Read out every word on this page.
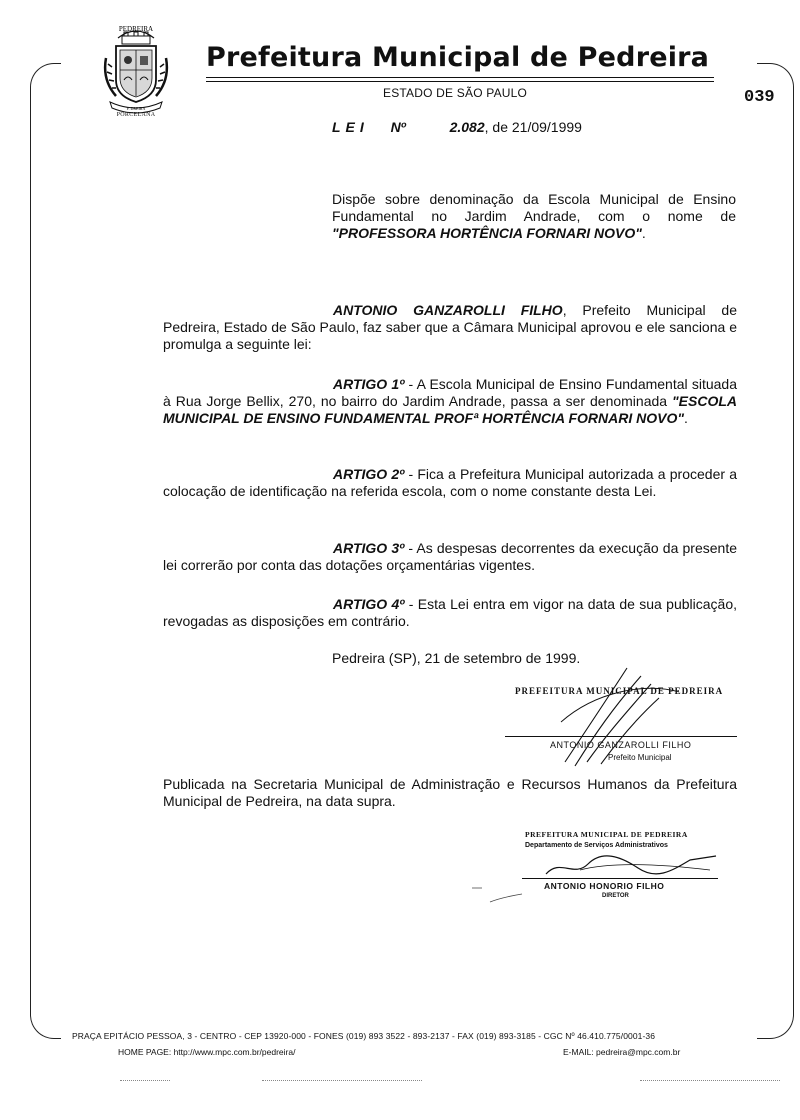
PEDREIRA
P. DREIRA
PORCELANA
Prefeitura Municipal de Pedreira
ESTADO DE SÃO PAULO	039
LEI Nº	2.082, de 21/09/1999
Dispõe sobre denominação da Escola Municipal de Ensino Fundamental no Jardim Andrade, com o nome de "PROFESSORA HORTÊNCIA FORNARI NOVO".
ANTONIO GANZAROLLI FILHO, Prefeito Municipal de Pedreira, Estado de São Paulo, faz saber que a Câmara Municipal aprovou e ele sanciona e promulga a seguinte lei:
ARTIGO 1º - A Escola Municipal de Ensino Fundamental situada à Rua Jorge Bellix, 270, no bairro do Jardim Andrade, passa a ser denominada "ESCOLA MUNICIPAL DE ENSINO FUNDAMENTAL PROFª HORTÊNCIA FORNARI NOVO".
ARTIGO 2º - Fica a Prefeitura Municipal autorizada a proceder a colocação de identificação na referida escola, com o nome constante desta Lei.
ARTIGO 3º - As despesas decorrentes da execução da presente lei correrão por conta das dotações orçamentárias vigentes.
ARTIGO 4º - Esta Lei entra em vigor na data de sua publicação, revogadas as disposições em contrário.
Pedreira (SP), 21 de setembro de 1999.
PREFEITURA MUNICIPAL DE PEDREIRA
ANTONIO GANZAROLLI FILHO
Prefeito Municipal
Publicada na Secretaria Municipal de Administração e Recursos Humanos da Prefeitura Municipal de Pedreira, na data supra.
PREFEITURA MUNICIPAL DE PEDREIRA
Departamento de Serviços Administrativos
ANTONIO HONORIO FILHO
DIRETOR
PRAÇA EPITÁCIO PESSOA, 3 - CENTRO - CEP 13920-000 - FONES (019) 893 3522 - 893-2137 - FAX (019) 893-3185 - CGC Nº 46.410.775/0001-36
HOME PAGE: http://www.mpc.com.br/pedreira/	E-MAIL: pedreira@mpc.com.br
